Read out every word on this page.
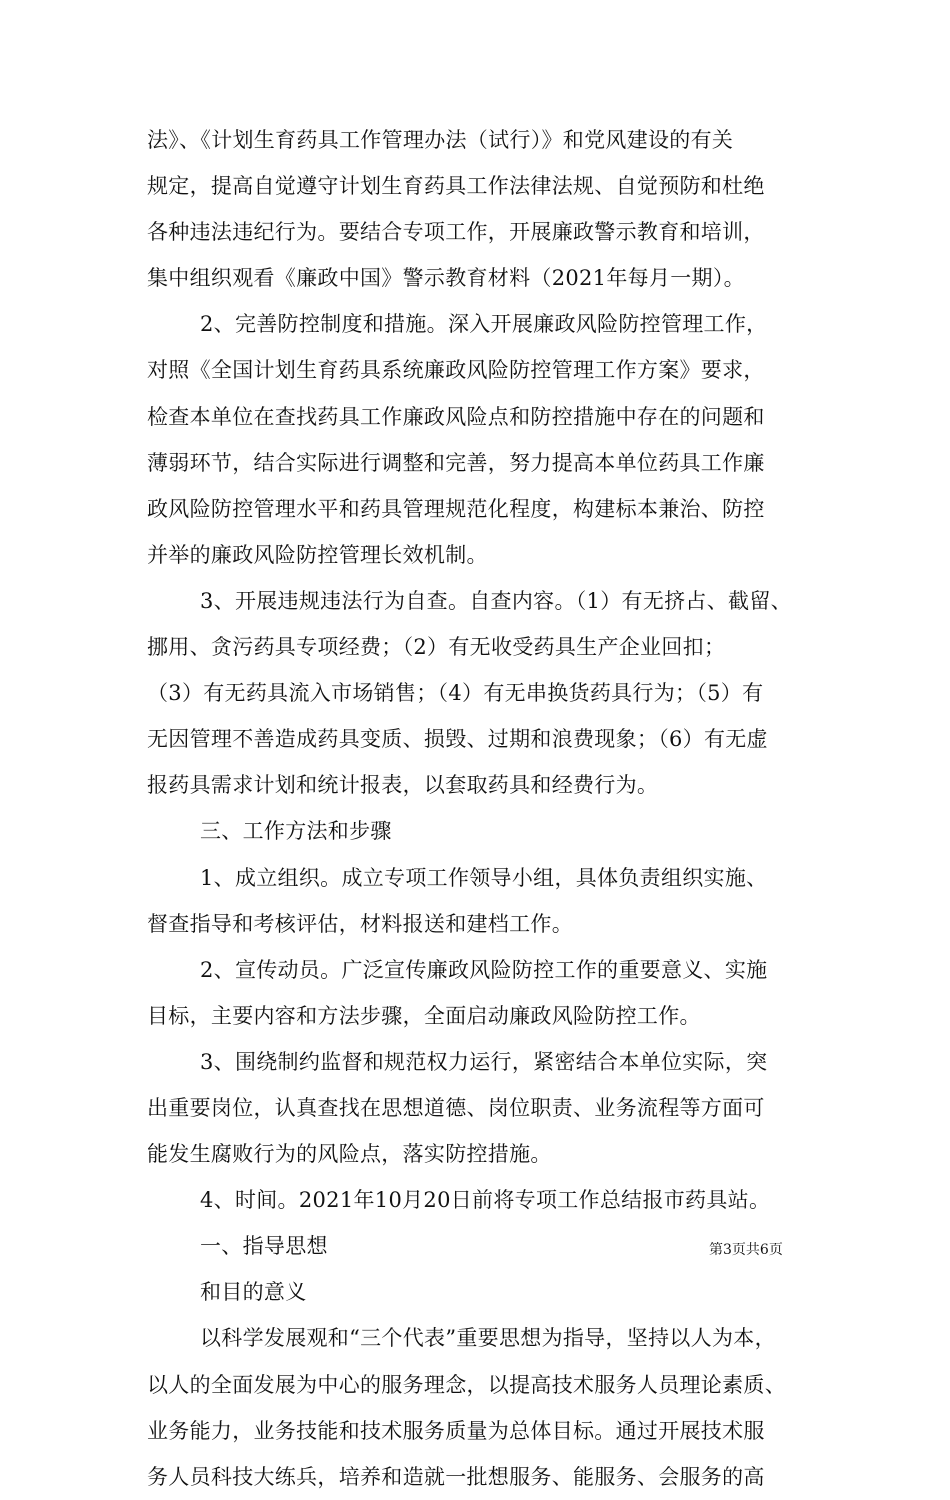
法》、《计划生育药具工作管理办法（试行）》和党风建设的有关
规定，提高自觉遵守计划生育药具工作法律法规、自觉预防和杜绝
各种违法违纪行为。要结合专项工作，开展廉政警示教育和培训，
集中组织观看《廉政中国》警示教育材料（2021年每月一期）。
2、完善防控制度和措施。深入开展廉政风险防控管理工作，
对照《全国计划生育药具系统廉政风险防控管理工作方案》要求，
检查本单位在查找药具工作廉政风险点和防控措施中存在的问题和
薄弱环节，结合实际进行调整和完善，努力提高本单位药具工作廉
政风险防控管理水平和药具管理规范化程度，构建标本兼治、防控
并举的廉政风险防控管理长效机制。
3、开展违规违法行为自查。自查内容。（1）有无挤占、截留、
挪用、贪污药具专项经费；（2）有无收受药具生产企业回扣；
（3）有无药具流入市场销售；（4）有无串换货药具行为；（5）有
无因管理不善造成药具变质、损毁、过期和浪费现象；（6）有无虚
报药具需求计划和统计报表，以套取药具和经费行为。
三、工作方法和步骤
1、成立组织。成立专项工作领导小组，具体负责组织实施、
督查指导和考核评估，材料报送和建档工作。
2、宣传动员。广泛宣传廉政风险防控工作的重要意义、实施
目标，主要内容和方法步骤，全面启动廉政风险防控工作。
3、围绕制约监督和规范权力运行，紧密结合本单位实际，突
出重要岗位，认真查找在思想道德、岗位职责、业务流程等方面可
能发生腐败行为的风险点，落实防控措施。
4、时间。2021年10月20日前将专项工作总结报市药具站。
一、指导思想
和目的意义
以科学发展观和“三个代表”重要思想为指导，坚持以人为本，
以人的全面发展为中心的服务理念，以提高技术服务人员理论素质、
业务能力，业务技能和技术服务质量为总体目标。通过开展技术服
务人员科技大练兵，培养和造就一批想服务、能服务、会服务的高
第3页共6页
